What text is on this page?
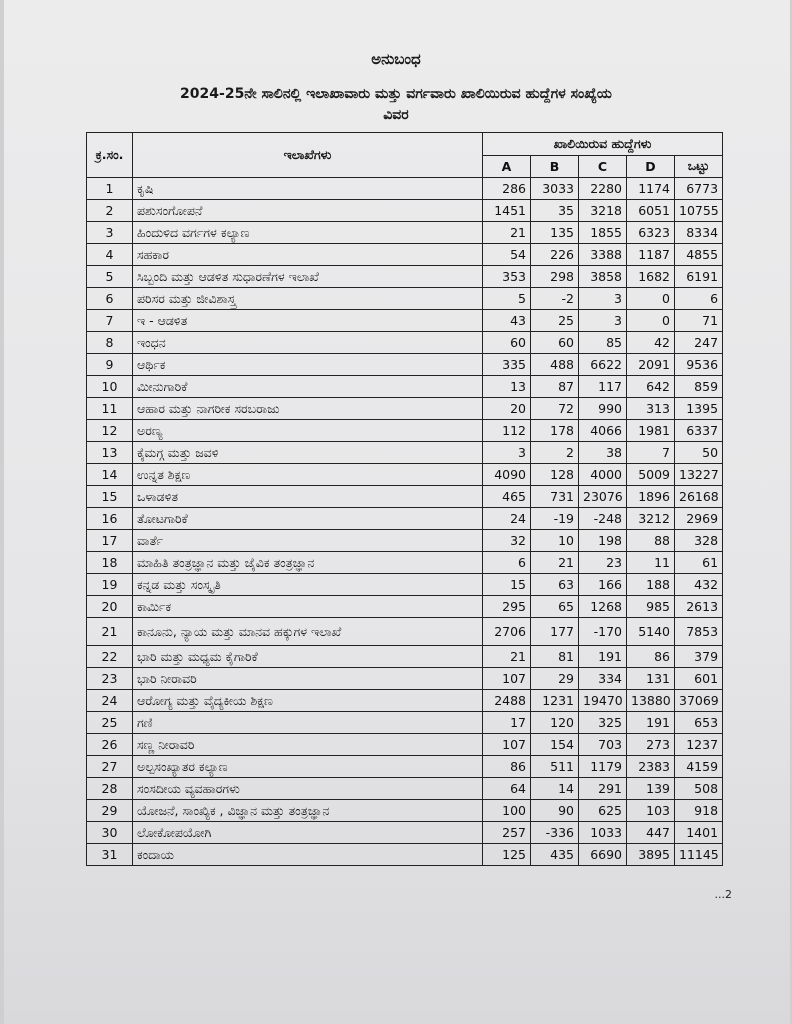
ಅನುಬಂಧ
2024-25ನೇ ಸಾಲಿನಲ್ಲಿ ಇಲಾಖಾವಾರು ಮತ್ತು ವರ್ಗವಾರು ಖಾಲಿಯಿರುವ ಹುದ್ದೆಗಳ ಸಂಖ್ಯೆಯ
ವಿವರ
ಕ್ರ.ಸಂ.	ಇಲಾಖೆಗಳು	ಖಾಲಿಯಿರುವ ಹುದ್ದೆಗಳು				
		A	B	C	D	ಒಟ್ಟು
1	ಕೃಷಿ	286	3033	2280	1174	6773
2	ಪಶುಸಂಗೋಪನೆ	1451	35	3218	6051	10755
3	ಹಿಂದುಳಿದ ವರ್ಗಗಳ ಕಲ್ಯಾಣ	21	135	1855	6323	8334
4	ಸಹಕಾರ	54	226	3388	1187	4855
5	ಸಿಬ್ಬಂದಿ ಮತ್ತು ಆಡಳಿತ ಸುಧಾರಣೆಗಳ ಇಲಾಖೆ	353	298	3858	1682	6191
6	ಪರಿಸರ ಮತ್ತು ಜೀವಿಶಾಸ್ತ್ರ	5	-2	3	0	6
7	ಇ - ಆಡಳಿತ	43	25	3	0	71
8	ಇಂಧನ	60	60	85	42	247
9	ಆರ್ಥಿಕ	335	488	6622	2091	9536
10	ಮೀನುಗಾರಿಕೆ	13	87	117	642	859
11	ಆಹಾರ ಮತ್ತು ನಾಗರೀಕ ಸರಬರಾಜು	20	72	990	313	1395
12	ಅರಣ್ಯ	112	178	4066	1981	6337
13	ಕೈಮಗ್ಗ ಮತ್ತು ಜವಳಿ	3	2	38	7	50
14	ಉನ್ನತ ಶಿಕ್ಷಣ	4090	128	4000	5009	13227
15	ಒಳಾಡಳಿತ	465	731	23076	1896	26168
16	ತೋಟಗಾರಿಕೆ	24	-19	-248	3212	2969
17	ವಾರ್ತೆ	32	10	198	88	328
18	ಮಾಹಿತಿ ತಂತ್ರಜ್ಞಾನ ಮತ್ತು ಜೈವಿಕ ತಂತ್ರಜ್ಞಾನ	6	21	23	11	61
19	ಕನ್ನಡ ಮತ್ತು ಸಂಸ್ಕೃತಿ	15	63	166	188	432
20	ಕಾರ್ಮಿಕ	295	65	1268	985	2613
21	ಕಾನೂನು, ನ್ಯಾಯ ಮತ್ತು ಮಾನವ ಹಕ್ಕುಗಳ ಇಲಾಖೆ	2706	177	-170	5140	7853
22	ಭಾರಿ ಮತ್ತು ಮಧ್ಯಮ ಕೈಗಾರಿಕೆ	21	81	191	86	379
23	ಭಾರಿ ನೀರಾವರಿ	107	29	334	131	601
24	ಆರೋಗ್ಯ ಮತ್ತು ವೈದ್ಯಕೀಯ ಶಿಕ್ಷಣ	2488	1231	19470	13880	37069
25	ಗಣಿ	17	120	325	191	653
26	ಸಣ್ಣ ನೀರಾವರಿ	107	154	703	273	1237
27	ಅಲ್ಪಸಂಖ್ಯಾತರ ಕಲ್ಯಾಣ	86	511	1179	2383	4159
28	ಸಂಸದೀಯ ವ್ಯವಹಾರಗಳು	64	14	291	139	508
29	ಯೋಜನೆ, ಸಾಂಖ್ಯಿಕ , ವಿಜ್ಞಾನ ಮತ್ತು ತಂತ್ರಜ್ಞಾನ	100	90	625	103	918
30	ಲೋಕೋಪಯೋಗಿ	257	-336	1033	447	1401
31	ಕಂದಾಯ	125	435	6690	3895	11145
...2
